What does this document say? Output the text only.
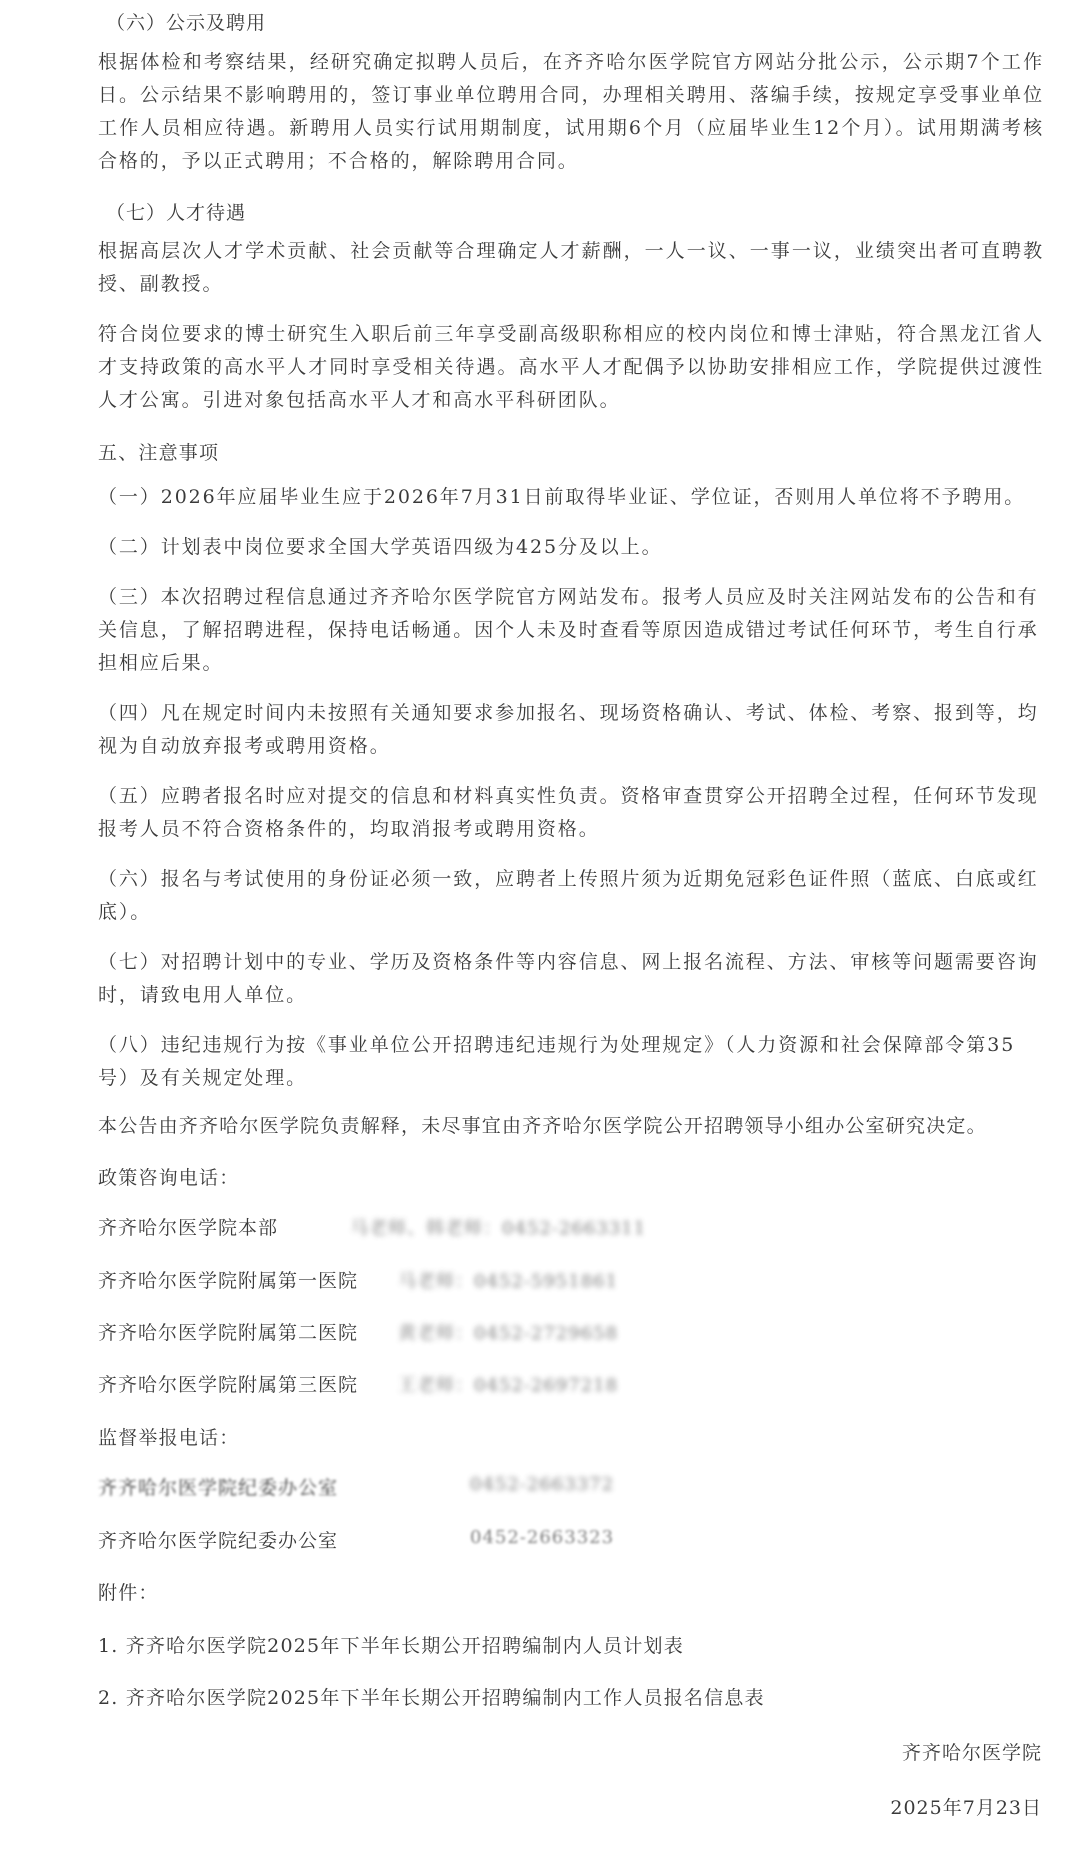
（六）公示及聘用

根据体检和考察结果，经研究确定拟聘人员后，在齐齐哈尔医学院官方网站分批公示，公示期7个工作日。公示结果不影响聘用的，签订事业单位聘用合同，办理相关聘用、落编手续，按规定享受事业单位工作人员相应待遇。新聘用人员实行试用期制度，试用期6个月（应届毕业生12个月）。试用期满考核合格的，予以正式聘用；不合格的，解除聘用合同。

（七）人才待遇

根据高层次人才学术贡献、社会贡献等合理确定人才薪酬，一人一议、一事一议，业绩突出者可直聘教授、副教授。

符合岗位要求的博士研究生入职后前三年享受副高级职称相应的校内岗位和博士津贴，符合黑龙江省人才支持政策的高水平人才同时享受相关待遇。高水平人才配偶予以协助安排相应工作，学院提供过渡性人才公寓。引进对象包括高水平人才和高水平科研团队。

五、注意事项

（一）2026年应届毕业生应于2026年7月31日前取得毕业证、学位证，否则用人单位将不予聘用。

（二）计划表中岗位要求全国大学英语四级为425分及以上。

（三）本次招聘过程信息通过齐齐哈尔医学院官方网站发布。报考人员应及时关注网站发布的公告和有关信息，了解招聘进程，保持电话畅通。因个人未及时查看等原因造成错过考试任何环节，考生自行承担相应后果。

（四）凡在规定时间内未按照有关通知要求参加报名、现场资格确认、考试、体检、考察、报到等，均视为自动放弃报考或聘用资格。

（五）应聘者报名时应对提交的信息和材料真实性负责。资格审查贯穿公开招聘全过程，任何环节发现报考人员不符合资格条件的，均取消报考或聘用资格。

（六）报名与考试使用的身份证必须一致，应聘者上传照片须为近期免冠彩色证件照（蓝底、白底或红底）。

（七）对招聘计划中的专业、学历及资格条件等内容信息、网上报名流程、方法、审核等问题需要咨询时，请致电用人单位。

（八）违纪违规行为按《事业单位公开招聘违纪违规行为处理规定》（人力资源和社会保障部令第35号）及有关规定处理。

本公告由齐齐哈尔医学院负责解释，未尽事宜由齐齐哈尔医学院公开招聘领导小组办公室研究决定。
政策咨询电话：
齐齐哈尔医学院本部	马老师、韩老师：0452-2663311
齐齐哈尔医学院附属第一医院 马老师：0452-5951861
齐齐哈尔医学院附属第二医院 黄老师：0452-2729658
齐齐哈尔医学院附属第三医院 王老师：0452-2697218
监督举报电话：
齐齐哈尔医学院纪委办公室	0452-2663372
齐齐哈尔医学院纪委办公室	0452-2663323
附件：
1. 齐齐哈尔医学院2025年下半年长期公开招聘编制内人员计划表
2. 齐齐哈尔医学院2025年下半年长期公开招聘编制内工作人员报名信息表
齐齐哈尔医学院
2025年7月23日
